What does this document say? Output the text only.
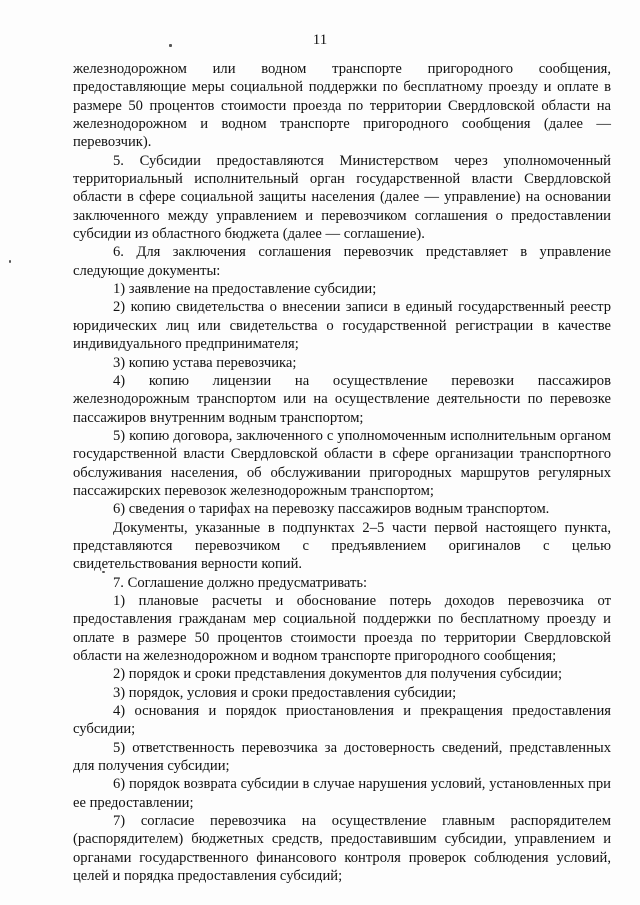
11

железнодорожном или водном транспорте пригородного сообщения, предоставляющие меры социальной поддержки по бесплатному проезду и оплате в размере 50 процентов стоимости проезда по территории Свердловской области на железнодорожном и водном транспорте пригородного сообщения (далее — перевозчик).

5. Субсидии предоставляются Министерством через уполномоченный территориальный исполнительный орган государственной власти Свердловской области в сфере социальной защиты населения (далее — управление) на основании заключенного между управлением и перевозчиком соглашения о предоставлении субсидии из областного бюджета (далее — соглашение).

6. Для заключения соглашения перевозчик представляет в управление следующие документы:

1) заявление на предоставление субсидии;

2) копию свидетельства о внесении записи в единый государственный реестр юридических лиц или свидетельства о государственной регистрации в качестве индивидуального предпринимателя;

3) копию устава перевозчика;

4) копию лицензии на осуществление перевозки пассажиров железнодорожным транспортом или на осуществление деятельности по перевозке пассажиров внутренним водным транспортом;

5) копию договора, заключенного с уполномоченным исполнительным органом государственной власти Свердловской области в сфере организации транспортного обслуживания населения, об обслуживании пригородных маршрутов регулярных пассажирских перевозок железнодорожным транспортом;

6) сведения о тарифах на перевозку пассажиров водным транспортом.

Документы, указанные в подпунктах 2–5 части первой настоящего пункта, представляются перевозчиком с предъявлением оригиналов с целью свидетельствования верности копий.

7. Соглашение должно предусматривать:

1) плановые расчеты и обоснование потерь доходов перевозчика от предоставления гражданам мер социальной поддержки по бесплатному проезду и оплате в размере 50 процентов стоимости проезда по территории Свердловской области на железнодорожном и водном транспорте пригородного сообщения;

2) порядок и сроки представления документов для получения субсидии;

3) порядок, условия и сроки предоставления субсидии;

4) основания и порядок приостановления и прекращения предоставления субсидии;

5) ответственность перевозчика за достоверность сведений, представленных для получения субсидии;

6) порядок возврата субсидии в случае нарушения условий, установленных при ее предоставлении;

7) согласие перевозчика на осуществление главным распорядителем (распорядителем) бюджетных средств, предоставившим субсидии, управлением и органами государственного финансового контроля проверок соблюдения условий, целей и порядка предоставления субсидий;
